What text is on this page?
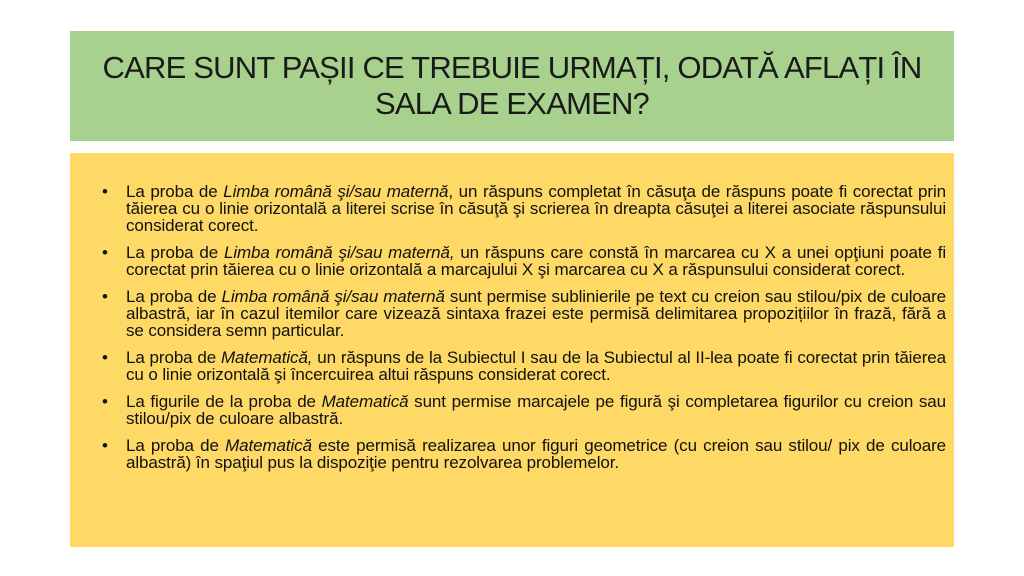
CARE SUNT PAȘII CE TREBUIE URMAȚI, ODATĂ AFLAȚI ÎN SALA DE EXAMEN?
• La proba de Limba română şi/sau maternă, un răspuns completat în căsuţa de răspuns poate fi corectat prin tăierea cu o linie orizontală a literei scrise în căsuţă şi scrierea în dreapta căsuţei a literei asociate răspunsului considerat corect.
• La proba de Limba română şi/sau maternă, un răspuns care constă în marcarea cu X a unei opţiuni poate fi corectat prin tăierea cu o linie orizontală a marcajului X şi marcarea cu X a răspunsului considerat corect.
• La proba de Limba română şi/sau maternă sunt permise sublinierile pe text cu creion sau stilou/pix de culoare albastră, iar în cazul itemilor care vizează sintaxa frazei este permisă delimitarea propozițiilor în frază, fără a se considera semn particular.
• La proba de Matematică, un răspuns de la Subiectul I sau de la Subiectul al II-lea poate fi corectat prin tăierea cu o linie orizontală şi încercuirea altui răspuns considerat corect.
• La figurile de la proba de Matematică sunt permise marcajele pe figură şi completarea figurilor cu creion sau stilou/pix de culoare albastră.
• La proba de Matematică este permisă realizarea unor figuri geometrice (cu creion sau stilou/ pix de culoare albastră) în spaţiul pus la dispoziţie pentru rezolvarea problemelor.
